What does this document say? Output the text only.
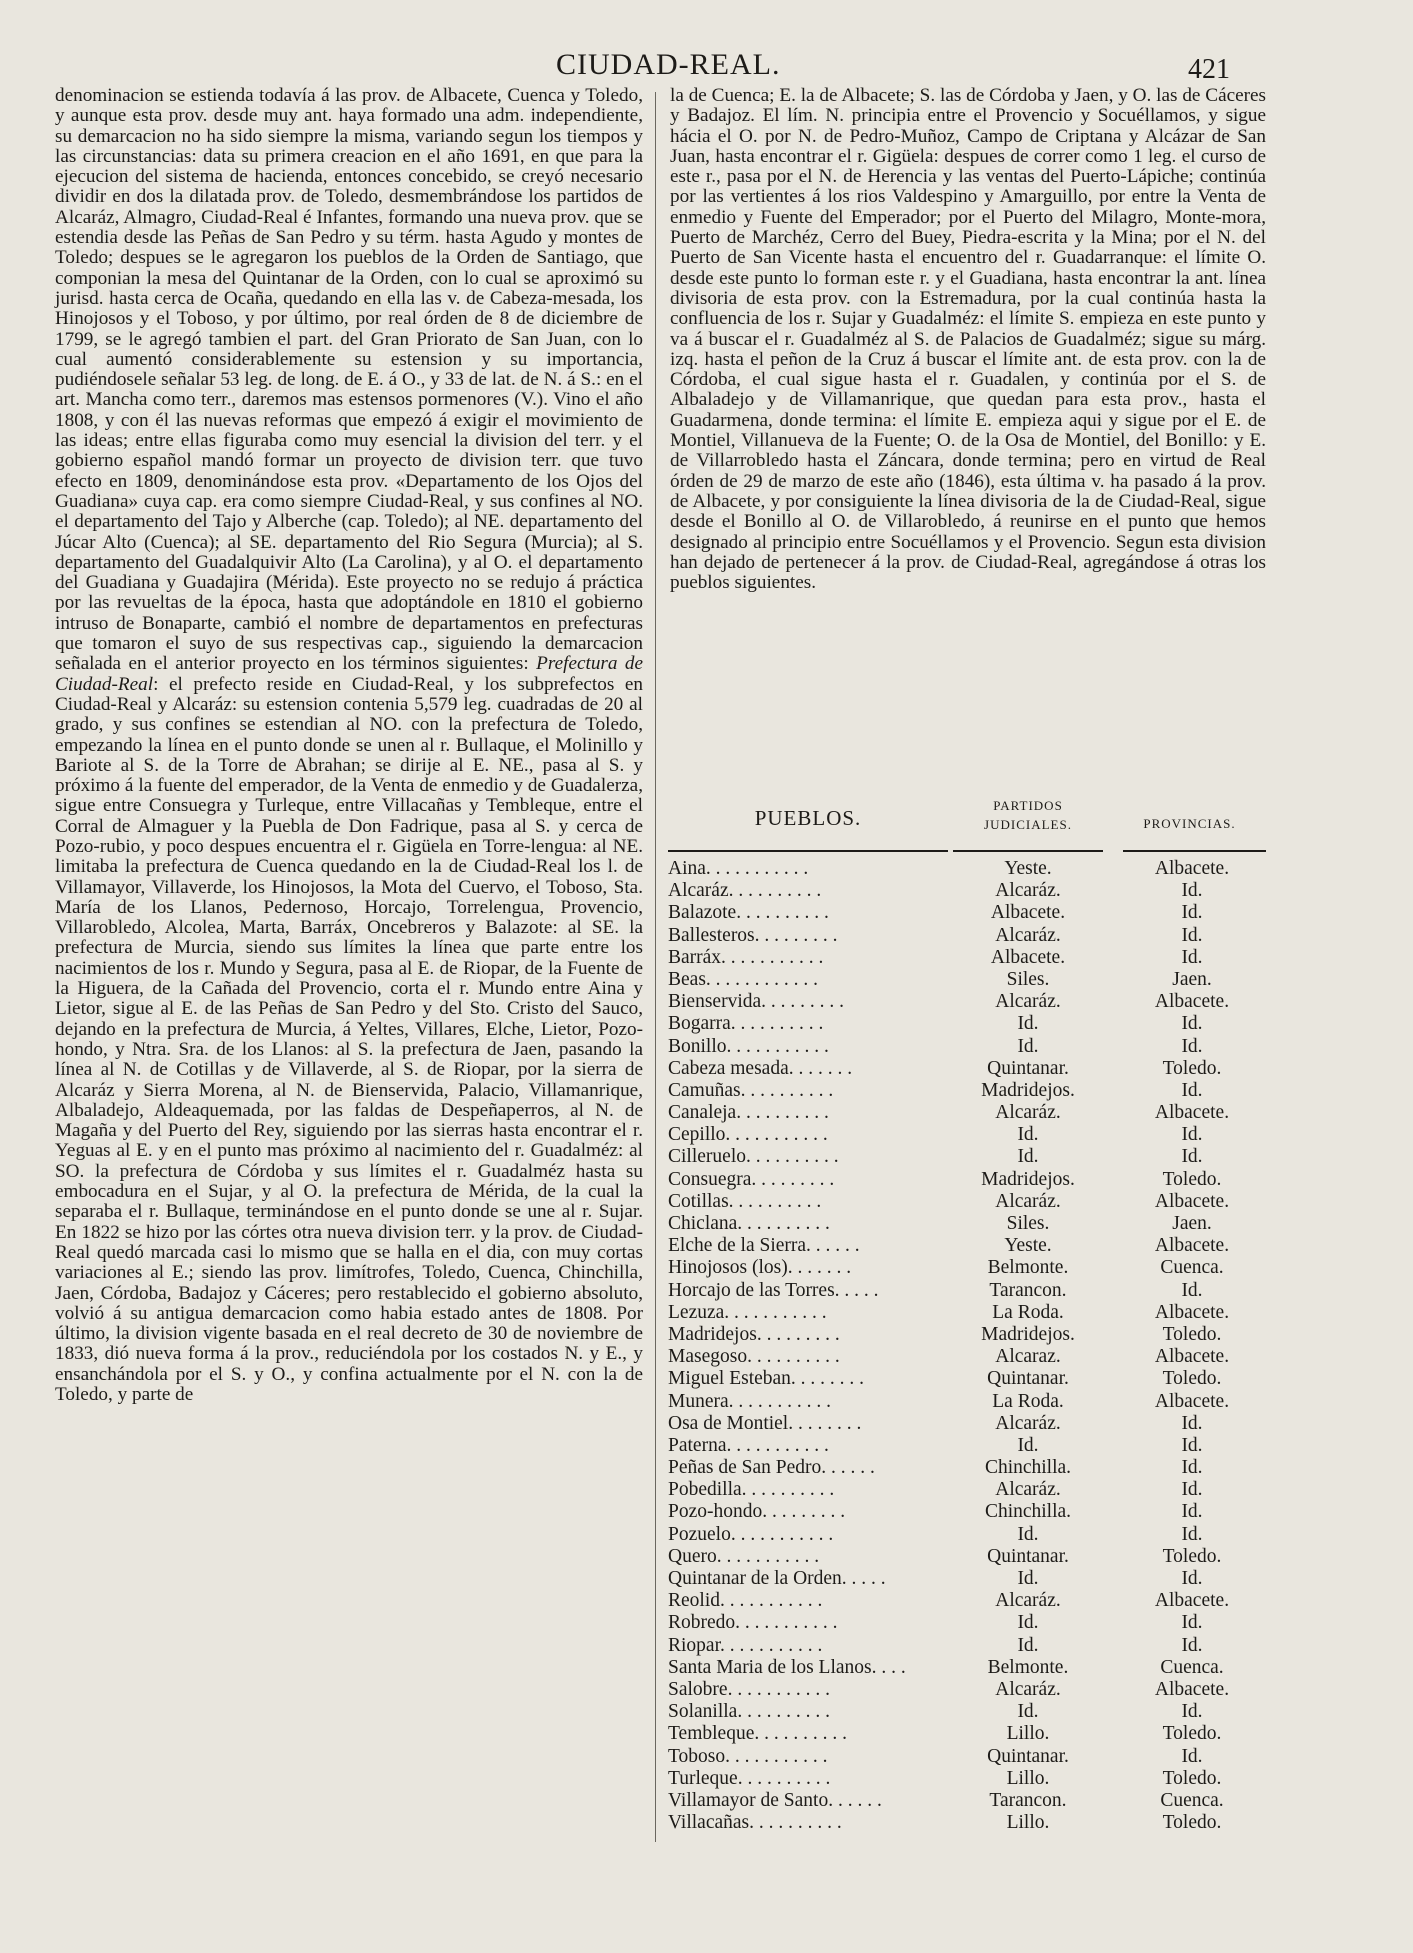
CIUDAD-REAL.	421

denominacion se estienda todavía á las prov. de Albacete, Cuenca y Toledo, y aunque esta prov. desde muy ant. haya formado una adm. independiente, su demarcacion no ha sido siempre la misma, variando segun los tiempos y las circunstancias: data su primera creacion en el año 1691, en que para la ejecucion del sistema de hacienda, entonces concebido, se creyó necesario dividir en dos la dilatada prov. de Toledo, desmembrándose los partidos de Alcaráz, Almagro, Ciudad-Real é Infantes, formando una nueva prov. que se estendia desde las Peñas de San Pedro y su térm. hasta Agudo y montes de Toledo; despues se le agregaron los pueblos de la Orden de Santiago, que componian la mesa del Quintanar de la Orden, con lo cual se aproximó su jurisd. hasta cerca de Ocaña, quedando en ella las v. de Cabeza-mesada, los Hinojosos y el Toboso, y por último, por real órden de 8 de diciembre de 1799, se le agregó tambien el part. del Gran Priorato de San Juan, con lo cual aumentó considerablemente su estension y su importancia, pudiéndosele señalar 53 leg. de long. de E. á O., y 33 de lat. de N. á S.: en el art. Mancha como terr., daremos mas estensos pormenores (V.). Vino el año 1808, y con él las nuevas reformas que empezó á exigir el movimiento de las ideas; entre ellas figuraba como muy esencial la division del terr. y el gobierno español mandó formar un proyecto de division terr. que tuvo efecto en 1809, denominándose esta prov. «Departamento de los Ojos del Guadiana» cuya cap. era como siempre Ciudad-Real, y sus confines al NO. el departamento del Tajo y Alberche (cap. Toledo); al NE. departamento del Júcar Alto (Cuenca); al SE. departamento del Rio Segura (Murcia); al S. departamento del Guadalquivir Alto (La Carolina), y al O. el departamento del Guadiana y Guadajira (Mérida). Este proyecto no se redujo á práctica por las revueltas de la época, hasta que adoptándole en 1810 el gobierno intruso de Bonaparte, cambió el nombre de departamentos en prefecturas que tomaron el suyo de sus respectivas cap., siguiendo la demarcacion señalada en el anterior proyecto en los términos siguientes: Prefectura de Ciudad-Real: el prefecto reside en Ciudad-Real, y los subprefectos en Ciudad-Real y Alcaráz: su estension contenia 5,579 leg. cuadradas de 20 al grado, y sus confines se estendian al NO. con la prefectura de Toledo, empezando la línea en el punto donde se unen al r. Bullaque, el Molinillo y Bariote al S. de la Torre de Abrahan; se dirije al E. NE., pasa al S. y próximo á la fuente del emperador, de la Venta de enmedio y de Guadalerza, sigue entre Consuegra y Turleque, entre Villacañas y Tembleque, entre el Corral de Almaguer y la Puebla de Don Fadrique, pasa al S. y cerca de Pozo-rubio, y poco despues encuentra el r. Gigüela en Torre-lengua: al NE. limitaba la prefectura de Cuenca quedando en la de Ciudad-Real los l. de Villamayor, Villaverde, los Hinojosos, la Mota del Cuervo, el Toboso, Sta. María de los Llanos, Pedernoso, Horcajo, Torrelengua, Provencio, Villarobledo, Alcolea, Marta, Barráx, Oncebreros y Balazote: al SE. la prefectura de Murcia, siendo sus límites la línea que parte entre los nacimientos de los r. Mundo y Segura, pasa al E. de Riopar, de la Fuente de la Higuera, de la Cañada del Provencio, corta el r. Mundo entre Aina y Lietor, sigue al E. de las Peñas de San Pedro y del Sto. Cristo del Sauco, dejando en la prefectura de Murcia, á Yeltes, Villares, Elche, Lietor, Pozo-hondo, y Ntra. Sra. de los Llanos: al S. la prefectura de Jaen, pasando la línea al N. de Cotillas y de Villaverde, al S. de Riopar, por la sierra de Alcaráz y Sierra Morena, al N. de Bienservida, Palacio, Villamanrique, Albaladejo, Aldeaquemada, por las faldas de Despeñaperros, al N. de Magaña y del Puerto del Rey, siguiendo por las sierras hasta encontrar el r. Yeguas al E. y en el punto mas próximo al nacimiento del r. Guadalméz: al SO. la prefectura de Córdoba y sus límites el r. Guadalméz hasta su embocadura en el Sujar, y al O. la prefectura de Mérida, de la cual la separaba el r. Bullaque, terminándose en el punto donde se une al r. Sujar. En 1822 se hizo por las córtes otra nueva division terr. y la prov. de Ciudad-Real quedó marcada casi lo mismo que se halla en el dia, con muy cortas variaciones al E.; siendo las prov. limítrofes, Toledo, Cuenca, Chinchilla, Jaen, Córdoba, Badajoz y Cáceres; pero restablecido el gobierno absoluto, volvió á su antigua demarcacion como habia estado antes de 1808. Por último, la division vigente basada en el real decreto de 30 de noviembre de 1833, dió nueva forma á la prov., reduciéndola por los costados N. y E., y ensanchándola por el S. y O., y confina actualmente por el N. con la de Toledo, y parte de

la de Cuenca; E. la de Albacete; S. las de Córdoba y Jaen, y O. las de Cáceres y Badajoz. El lím. N. principia entre el Provencio y Socuéllamos, y sigue hácia el O. por N. de Pedro-Muñoz, Campo de Criptana y Alcázar de San Juan, hasta encontrar el r. Gigüela: despues de correr como 1 leg. el curso de este r., pasa por el N. de Herencia y las ventas del Puerto-Lápiche; continúa por las vertientes á los rios Valdespino y Amarguillo, por entre la Venta de enmedio y Fuente del Emperador; por el Puerto del Milagro, Monte-mora, Puerto de Marchéz, Cerro del Buey, Piedra-escrita y la Mina; por el N. del Puerto de San Vicente hasta el encuentro del r. Guadarranque: el límite O. desde este punto lo forman este r. y el Guadiana, hasta encontrar la ant. línea divisoria de esta prov. con la Estremadura, por la cual continúa hasta la confluencia de los r. Sujar y Guadalméz: el límite S. empieza en este punto y va á buscar el r. Guadalméz al S. de Palacios de Guadalméz; sigue su márg. izq. hasta el peñon de la Cruz á buscar el límite ant. de esta prov. con la de Córdoba, el cual sigue hasta el r. Guadalen, y continúa por el S. de Albaladejo y de Villamanrique, que quedan para esta prov., hasta el Guadarmena, donde termina: el límite E. empieza aqui y sigue por el E. de Montiel, Villanueva de la Fuente; O. de la Osa de Montiel, del Bonillo: y E. de Villarrobledo hasta el Záncara, donde termina; pero en virtud de Real órden de 29 de marzo de este año (1846), esta última v. ha pasado á la prov. de Albacete, y por consiguiente la línea divisoria de la de Ciudad-Real, sigue desde el Bonillo al O. de Villarobledo, á reunirse en el punto que hemos designado al principio entre Socuéllamos y el Provencio. Segun esta division han dejado de pertenecer á la prov. de Ciudad-Real, agregándose á otras los pueblos siguientes.

PUEBLOS.
PARTIDOS
JUDICIALES.	PROVINCIAS.
Aina. . . . . . . . . . .	Yeste.	Albacete.
Alcaráz. . . . . . . . . .	Alcaráz.	Id.
Balazote. . . . . . . . . .	Albacete.	Id.
Ballesteros. . . . . . . . .	Alcaráz.	Id.
Barráx. . . . . . . . . . .	Albacete.	Id.
Beas. . . . . . . . . . . .	Siles.	Jaen.
Bienservida. . . . . . . . .	Alcaráz.	Albacete.
Bogarra. . . . . . . . . .	Id.	Id.
Bonillo. . . . . . . . . . .	Id.	Id.
Cabeza mesada. . . . . . .	Quintanar.	Toledo.
Camuñas. . . . . . . . . .	Madridejos.	Id.
Canaleja. . . . . . . . . .	Alcaráz.	Albacete.
Cepillo. . . . . . . . . . .	Id.	Id.
Cilleruelo. . . . . . . . . .	Id.	Id.
Consuegra. . . . . . . . .	Madridejos.	Toledo.
Cotillas. . . . . . . . . .	Alcaráz.	Albacete.
Chiclana. . . . . . . . . .	Siles.	Jaen.
Elche de la Sierra. . . . . .	Yeste.	Albacete.
Hinojosos (los). . . . . . .	Belmonte.	Cuenca.
Horcajo de las Torres. . . . .	Tarancon.	Id.
Lezuza. . . . . . . . . . .	La Roda.	Albacete.
Madridejos. . . . . . . . .	Madridejos.	Toledo.
Masegoso. . . . . . . . . .	Alcaraz.	Albacete.
Miguel Esteban. . . . . . . .	Quintanar.	Toledo.
Munera. . . . . . . . . . .	La Roda.	Albacete.
Osa de Montiel. . . . . . . .	Alcaráz.	Id.
Paterna. . . . . . . . . . .	Id.	Id.
Peñas de San Pedro. . . . . .	Chinchilla.	Id.
Pobedilla. . . . . . . . . .	Alcaráz.	Id.
Pozo-hondo. . . . . . . . .	Chinchilla.	Id.
Pozuelo. . . . . . . . . . .	Id.	Id.
Quero. . . . . . . . . . .	Quintanar.	Toledo.
Quintanar de la Orden. . . . .	Id.	Id.
Reolid. . . . . . . . . . .	Alcaráz.	Albacete.
Robredo. . . . . . . . . . .	Id.	Id.
Riopar. . . . . . . . . . .	Id.	Id.
Santa Maria de los Llanos. . . .	Belmonte.	Cuenca.
Salobre. . . . . . . . . . .	Alcaráz.	Albacete.
Solanilla. . . . . . . . . .	Id.	Id.
Tembleque. . . . . . . . . .	Lillo.	Toledo.
Toboso. . . . . . . . . . .	Quintanar.	Id.
Turleque. . . . . . . . . .	Lillo.	Toledo.
Villamayor de Santo. . . . . .	Tarancon.	Cuenca.
Villacañas. . . . . . . . . .	Lillo.	Toledo.
